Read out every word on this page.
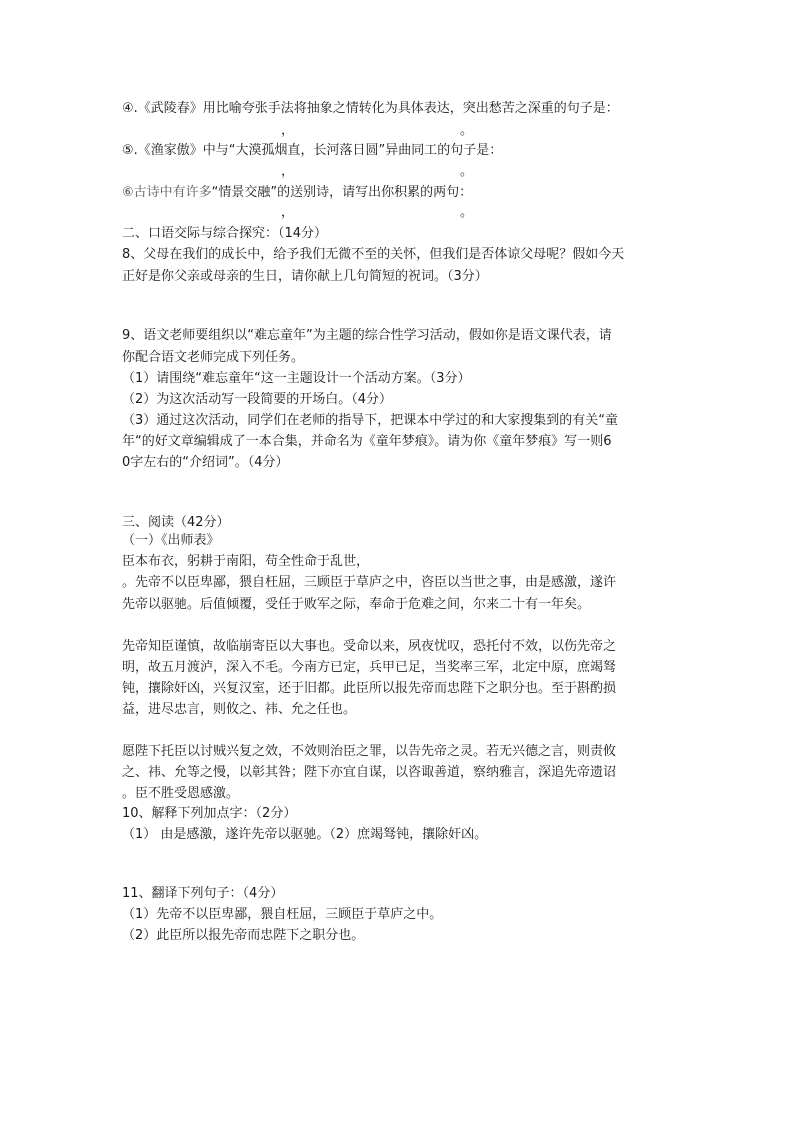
④.《武陵春》用比喻夸张手法将抽象之情转化为具体表达，突出愁苦之深重的句子是：
，	。
⑤.《渔家傲》中与“大漠孤烟直，长河落日圆”异曲同工的句子是：
，	。
⑥古诗中有许多“情景交融”的送别诗，请写出你积累的两句：
，	。
二、口语交际与综合探究：（14分）
8、父母在我们的成长中，给予我们无微不至的关怀，但我们是否体谅父母呢？假如今天
正好是你父亲或母亲的生日，请你献上几句简短的祝词。（3分）
9、语文老师要组织以“难忘童年”为主题的综合性学习活动，假如你是语文课代表，请
你配合语文老师完成下列任务。
（1）请围绕“难忘童年“这一主题设计一个活动方案。（3分）
（2）为这次活动写一段简要的开场白。（4分）
（3）通过这次活动，同学们在老师的指导下，把课本中学过的和大家搜集到的有关“童
年“的好文章编辑成了一本合集，并命名为《童年梦痕》。请为你《童年梦痕》写一则6
0字左右的“介绍词”。（4分）
三、阅读（42分）
（一）《出师表》
臣本布衣，躬耕于南阳，苟全性命于乱世，
。先帝不以臣卑鄙，猥自枉屈，三顾臣于草庐之中，咨臣以当世之事，由是感激，遂许
先帝以驱驰。后值倾覆，受任于败军之际，奉命于危难之间，尔来二十有一年矣。
先帝知臣谨慎，故临崩寄臣以大事也。受命以来，夙夜忧叹，恐托付不效，以伤先帝之
明，故五月渡泸，深入不毛。今南方已定，兵甲已足，当奖率三军，北定中原，庶竭驽
钝，攘除奸凶，兴复汉室，还于旧都。此臣所以报先帝而忠陛下之职分也。至于斟酌损
益，进尽忠言，则攸之、祎、允之任也。
愿陛下托臣以讨贼兴复之效，不效则治臣之罪，以告先帝之灵。若无兴德之言，则责攸
之、祎、允等之慢，以彰其咎；陛下亦宜自谋，以咨诹善道，察纳雅言，深追先帝遗诏
。臣不胜受恩感激。
10、解释下列加点字：（2分）
（1） 由是感激，遂许先帝以驱驰。（2）庶竭驽钝，攘除奸凶。
11、翻译下列句子：（4分）
（1）先帝不以臣卑鄙，猥自枉屈，三顾臣于草庐之中。
（2）此臣所以报先帝而忠陛下之职分也。
